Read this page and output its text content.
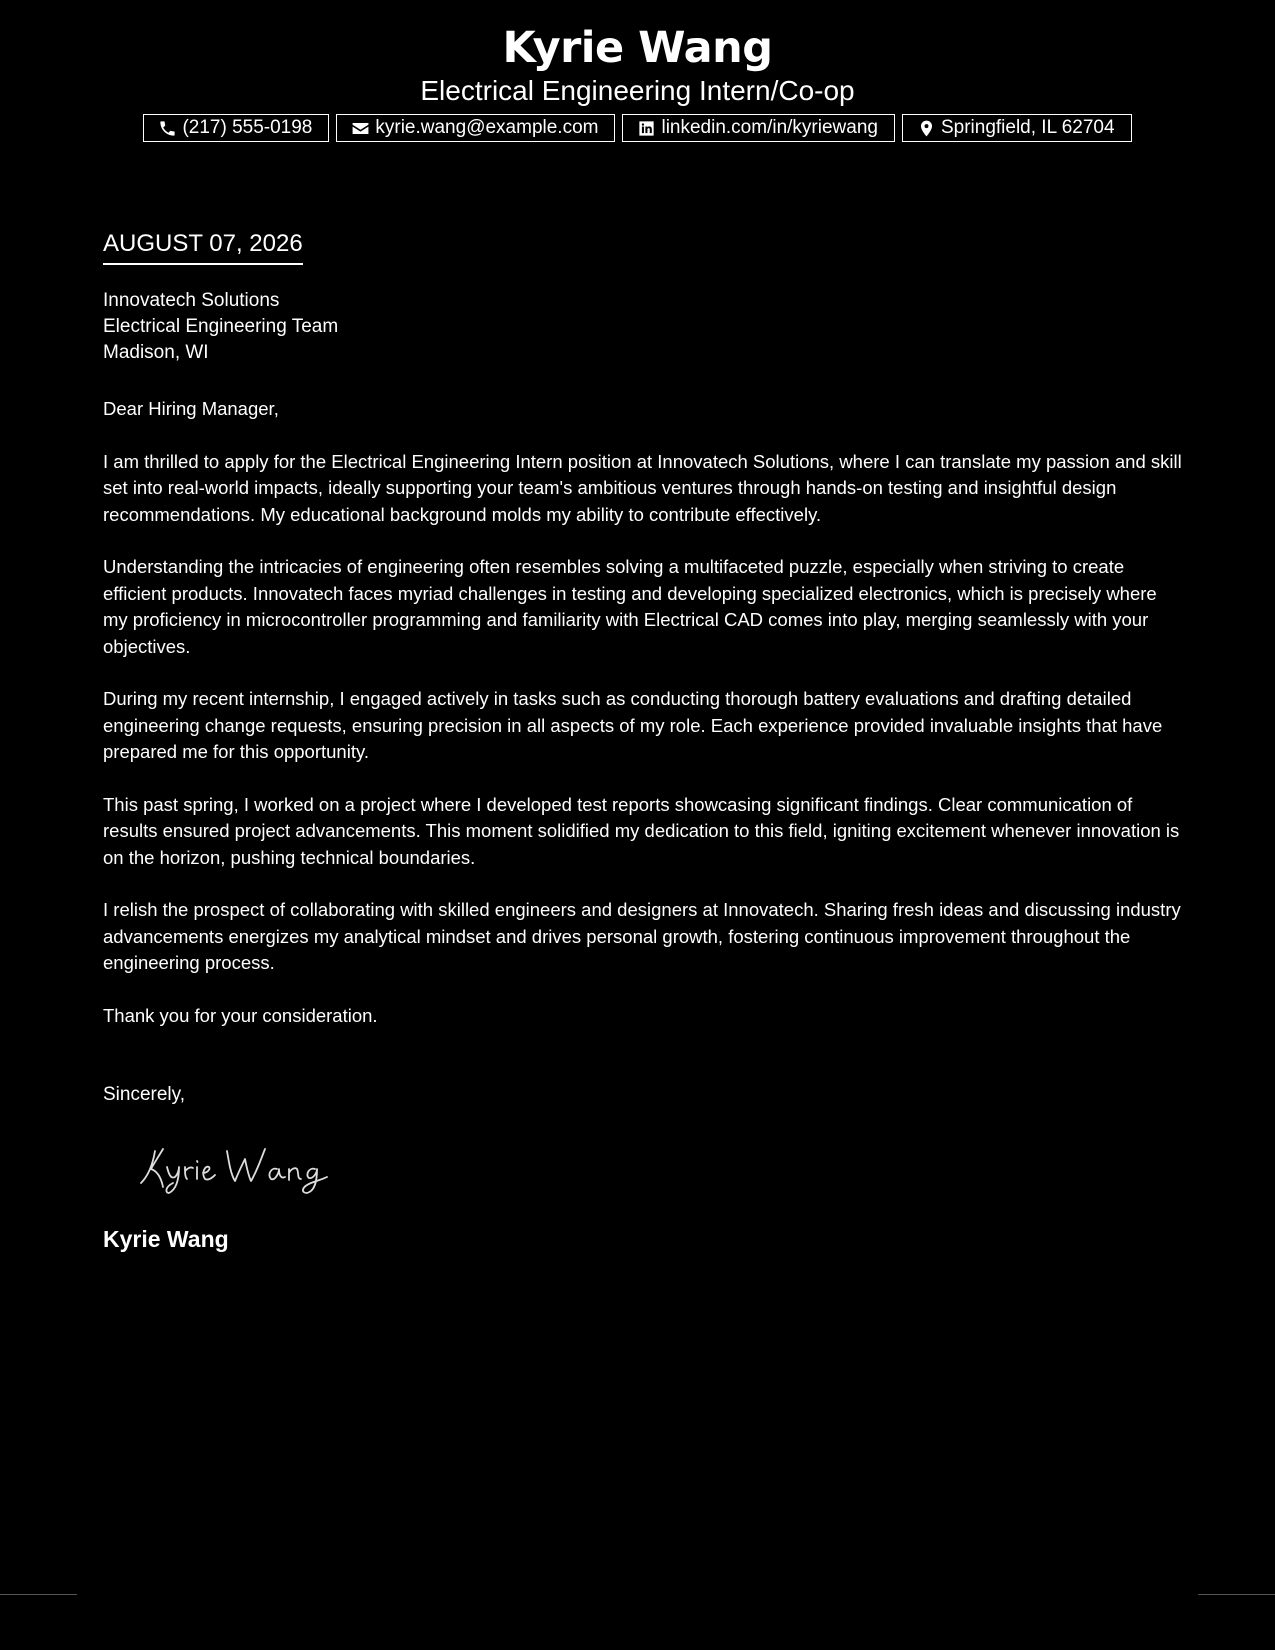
Kyrie Wang
Electrical Engineering Intern/Co-op
(217) 555-0198	kyrie.wang@example.com	linkedin.com/in/kyriewang	Springfield, IL 62704
AUGUST 07, 2026
Innovatech Solutions
Electrical Engineering Team
Madison, WI

Dear Hiring Manager,

I am thrilled to apply for the Electrical Engineering Intern position at Innovatech Solutions, where I can translate my passion and skill set into real-world impacts, ideally supporting your team's ambitious ventures through hands-on testing and insightful design recommendations. My educational background molds my ability to contribute effectively.

Understanding the intricacies of engineering often resembles solving a multifaceted puzzle, especially when striving to create efficient products. Innovatech faces myriad challenges in testing and developing specialized electronics, which is precisely where my proficiency in microcontroller programming and familiarity with Electrical CAD comes into play, merging seamlessly with your objectives.

During my recent internship, I engaged actively in tasks such as conducting thorough battery evaluations and drafting detailed engineering change requests, ensuring precision in all aspects of my role. Each experience provided invaluable insights that have prepared me for this opportunity.

This past spring, I worked on a project where I developed test reports showcasing significant findings. Clear communication of results ensured project advancements. This moment solidified my dedication to this field, igniting excitement whenever innovation is on the horizon, pushing technical boundaries.

I relish the prospect of collaborating with skilled engineers and designers at Innovatech. Sharing fresh ideas and discussing industry advancements energizes my analytical mindset and drives personal growth, fostering continuous improvement throughout the engineering process.

Thank you for your consideration.

Sincerely,
Kyrie Wang
